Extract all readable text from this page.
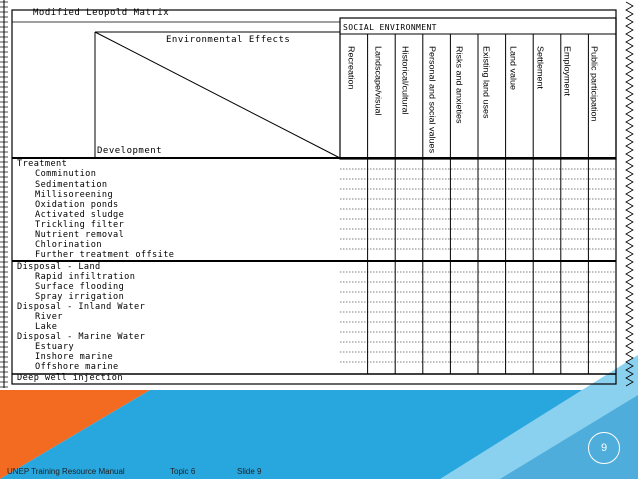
Modified Leopold Matrix
Environmental Effects
Development
SOCIAL ENVIRONMENT
Recreation Landscape/visual Historical/cultural Personal and social values Risks and anxieties Existing land uses Land value Settlement Employment Public participation
Treatment
Comminution
Sedimentation
Millisoreening
Oxidation ponds
Activated sludge
Trickling filter
Nutrient removal
Chlorination
Further treatment offsite
Disposal - Land
Rapid infiltration
Surface flooding
Spray irrigation
Disposal - Inland Water
River
Lake
Disposal - Marine Water
Estuary
Inshore marine
Offshore marine
Deep well injection
9
UNEP Training Resource Manual	Topic 6	Slide 9
